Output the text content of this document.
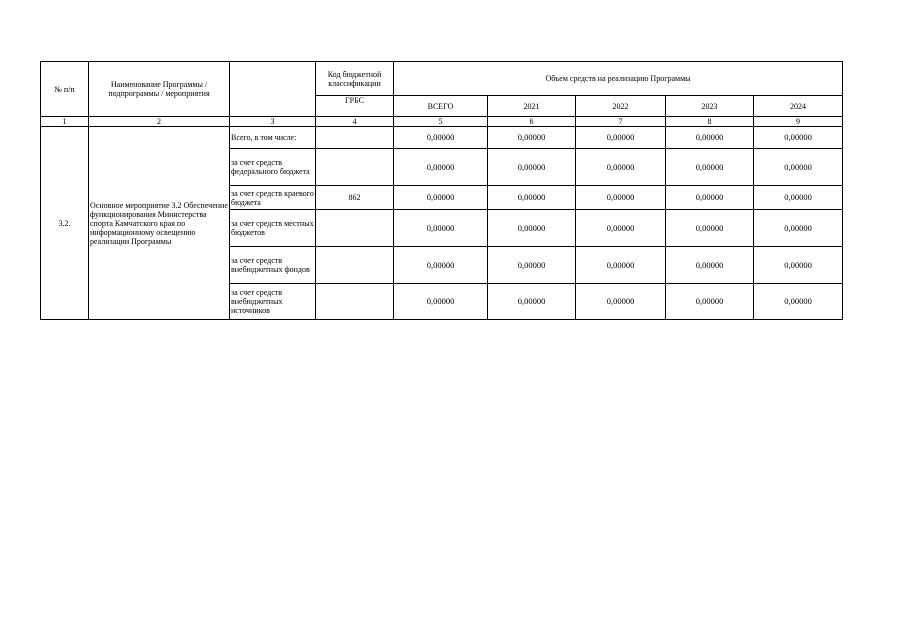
№ п/п	Наименование Программы / подпрограммы / мероприятия		Код бюджетной классификации	Объем средств на реализацию Программы				
			ГРБС	ВСЕГО	2021	2022	2023	2024
1	2	3	4	5	6	7	8	9
3.2.	Основное мероприятие 3.2 Обеспечение функционирования Министерства спорта Камчатского края по информационному освещению реализации Программы	Всего, в том числе:		0,00000	0,00000	0,00000	0,00000	0,00000
		за счет средств федерального бюджета		0,00000	0,00000	0,00000	0,00000	0,00000
		за счет средств краевого бюджета	862	0,00000	0,00000	0,00000	0,00000	0,00000
		за счет средств местных бюджетов		0,00000	0,00000	0,00000	0,00000	0,00000
		за счет средств внебюджетных фондов		0,00000	0,00000	0,00000	0,00000	0,00000
		за счет средств внебюджетных источников		0,00000	0,00000	0,00000	0,00000	0,00000
